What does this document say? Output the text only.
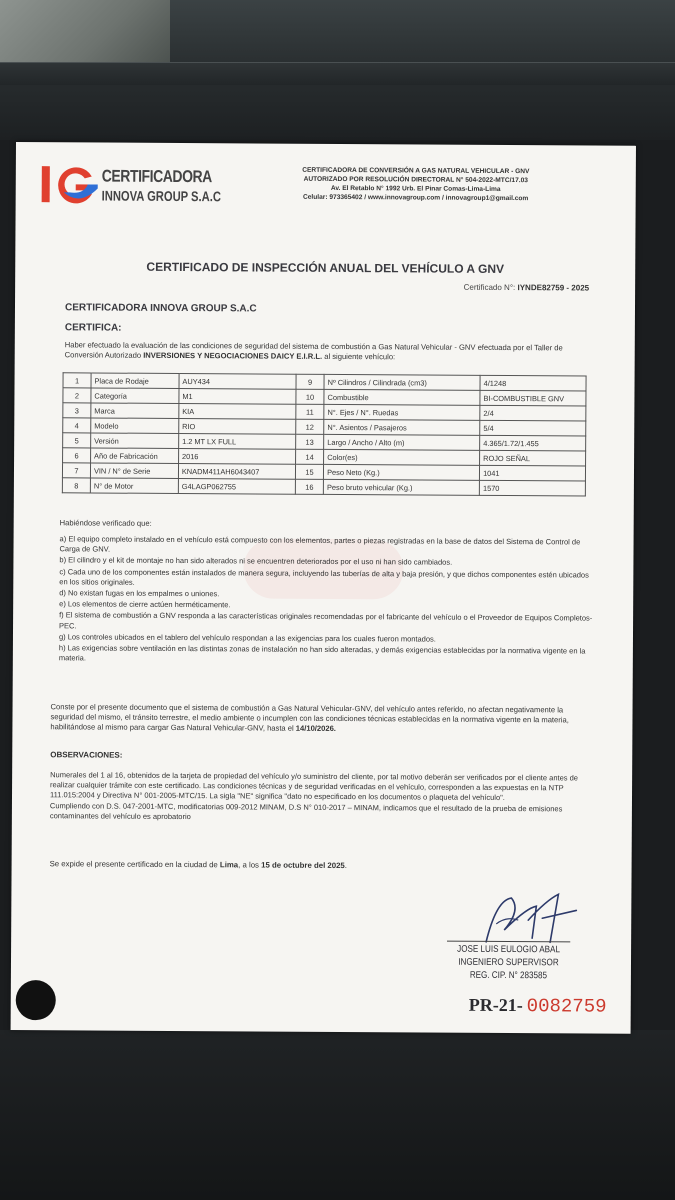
CERTIFICADORA
INNOVA GROUP S.A.C
CERTIFICADORA DE CONVERSIÓN A GAS NATURAL VEHICULAR - GNV
AUTORIZADO POR RESOLUCIÓN DIRECTORAL N° 504-2022-MTC/17.03
Av. El Retablo N° 1992 Urb. El Pinar Comas-Lima-Lima
Celular: 973365402 / www.innovagroup.com / innovagroup1@gmail.com
CERTIFICADO DE INSPECCIÓN ANUAL DEL VEHÍCULO A GNV
Certificado N°: IYNDE82759 - 2025
CERTIFICADORA INNOVA GROUP S.A.C
CERTIFICA:
Haber efectuado la evaluación de las condiciones de seguridad del sistema de combustión a Gas Natural Vehicular - GNV efectuada por el Taller de Conversión Autorizado INVERSIONES Y NEGOCIACIONES DAICY E.I.R.L. al siguiente vehículo:
1	Placa de Rodaje	AUY434	9	Nº Cilindros / Cilindrada (cm3)	4/1248
2	Categoría	M1	10	Combustible	BI-COMBUSTIBLE GNV
3	Marca	KIA	11	N°. Ejes / N°. Ruedas	2/4
4	Modelo	RIO	12	N°. Asientos / Pasajeros	5/4
5	Versión	1.2 MT LX FULL	13	Largo / Ancho / Alto (m)	4.365/1.72/1.455
6	Año de Fabricación	2016	14	Color(es)	ROJO SEÑAL
7	VIN / N° de Serie	KNADM411AH6043407	15	Peso Neto (Kg.)	1041
8	N° de Motor	G4LAGP062755	16	Peso bruto vehicular (Kg.)	1570
Habiéndose verificado que:

a) El equipo completo instalado en el vehículo está compuesto con los elementos, partes o piezas registradas en la base de datos del Sistema de Control de Carga de GNV.

b) El cilindro y el kit de montaje no han sido alterados ni se encuentren deteriorados por el uso ni han sido cambiados.

c) Cada uno de los componentes están instalados de manera segura, incluyendo las tuberías de alta y baja presión, y que dichos componentes estén ubicados en los sitios originales.

d) No existan fugas en los empalmes o uniones.

e) Los elementos de cierre actúen herméticamente.

f) El sistema de combustión a GNV responda a las características originales recomendadas por el fabricante del vehículo o el Proveedor de Equipos Completos-PEC.

g) Los controles ubicados en el tablero del vehículo respondan a las exigencias para los cuales fueron montados.

h) Las exigencias sobre ventilación en las distintas zonas de instalación no han sido alteradas, y demás exigencias establecidas por la normativa vigente en la materia.

Conste por el presente documento que el sistema de combustión a Gas Natural Vehicular-GNV, del vehículo antes referido, no afectan negativamente la seguridad del mismo, el tránsito terrestre, el medio ambiente o incumplen con las condiciones técnicas establecidas en la normativa vigente en la materia, habilitándose al mismo para cargar Gas Natural Vehicular-GNV, hasta el 14/10/2026.
OBSERVACIONES:

Numerales del 1 al 16, obtenidos de la tarjeta de propiedad del vehículo y/o suministro del cliente, por tal motivo deberán ser verificados por el cliente antes de realizar cualquier trámite con este certificado. Las condiciones técnicas y de seguridad verificadas en el vehículo, corresponden a las expuestas en la NTP 111.015:2004 y Directiva N° 001-2005-MTC/15. La sigla "NE" significa "dato no especificado en los documentos o plaqueta del vehículo".

Cumpliendo con D.S. 047-2001-MTC, modificatorias 009-2012 MINAM, D.S N° 010-2017 – MINAM, indicamos que el resultado de la prueba de emisiones contaminantes del vehículo es aprobatorio

Se expide el presente certificado en la ciudad de Lima, a los 15 de octubre del 2025.
JOSE LUIS EULOGIO ABAL
INGENIERO SUPERVISOR
REG. CIP. N° 283585
PR-21- 0082759
